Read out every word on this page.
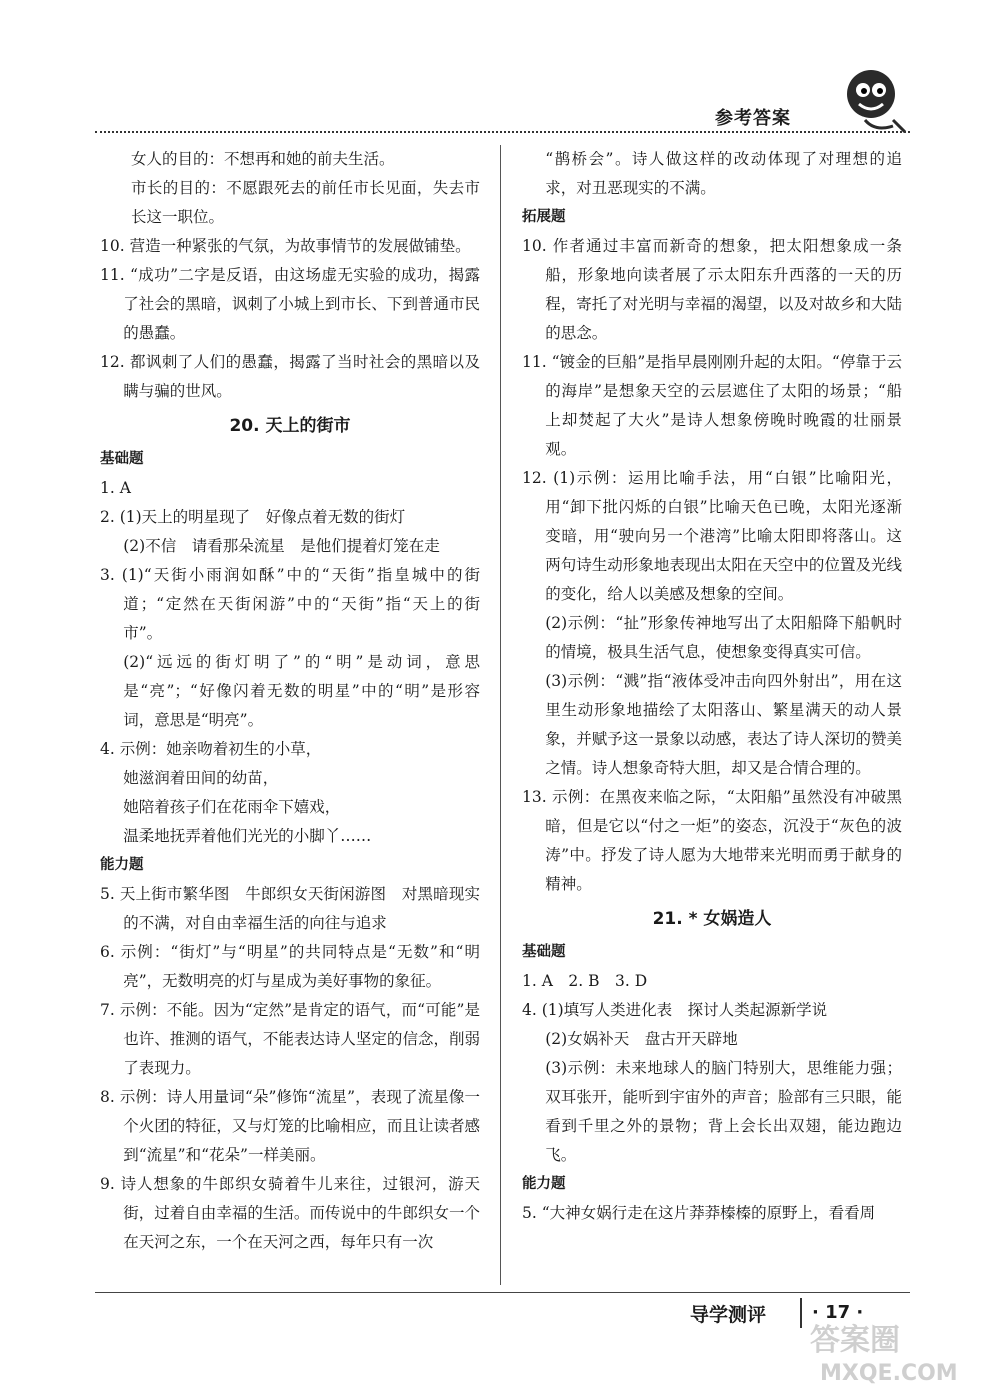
参考答案

女人的目的：不想再和她的前夫生活。

市长的目的：不愿跟死去的前任市长见面，失去市长这一职位。

10. 营造一种紧张的气氛，为故事情节的发展做铺垫。

11. “成功”二字是反语，由这场虚无实验的成功，揭露了社会的黑暗，讽刺了小城上到市长、下到普通市民的愚蠢。

12. 都讽刺了人们的愚蠢，揭露了当时社会的黑暗以及瞒与骗的世风。

20. 天上的街市

基础题

1. A

2. (1)天上的明星现了　好像点着无数的街灯

(2)不信　请看那朵流星　是他们提着灯笼在走

3. (1)“天街小雨润如酥”中的“天街”指皇城中的街道；“定然在天街闲游”中的“天街”指“天上的街市”。

(2)“远远的街灯明了”的“明”是动词，意思是“亮”；“好像闪着无数的明星”中的“明”是形容词，意思是“明亮”。

4. 示例：她亲吻着初生的小草，

她滋润着田间的幼苗，

她陪着孩子们在花雨伞下嬉戏，

温柔地抚弄着他们光光的小脚丫……

能力题

5. 天上街市繁华图　牛郎织女天街闲游图　对黑暗现实的不满，对自由幸福生活的向往与追求

6. 示例：“街灯”与“明星”的共同特点是“无数”和“明亮”，无数明亮的灯与星成为美好事物的象征。

7. 示例：不能。因为“定然”是肯定的语气，而“可能”是也许、推测的语气，不能表达诗人坚定的信念，削弱了表现力。

8. 示例：诗人用量词“朵”修饰“流星”，表现了流星像一个火团的特征，又与灯笼的比喻相应，而且让读者感到“流星”和“花朵”一样美丽。

9. 诗人想象的牛郎织女骑着牛儿来往，过银河，游天街，过着自由幸福的生活。而传说中的牛郎织女一个在天河之东，一个在天河之西，每年只有一次

“鹊桥会”。诗人做这样的改动体现了对理想的追求，对丑恶现实的不满。

拓展题

10. 作者通过丰富而新奇的想象，把太阳想象成一条船，形象地向读者展了示太阳东升西落的一天的历程，寄托了对光明与幸福的渴望，以及对故乡和大陆的思念。

11. “镀金的巨船”是指早晨刚刚升起的太阳。“停靠于云的海岸”是想象天空的云层遮住了太阳的场景；“船上却焚起了大火”是诗人想象傍晚时晚霞的壮丽景观。

12. (1)示例：运用比喻手法，用“白银”比喻阳光，用“卸下批闪烁的白银”比喻天色已晚，太阳光逐渐变暗，用“驶向另一个港湾”比喻太阳即将落山。这两句诗生动形象地表现出太阳在天空中的位置及光线的变化，给人以美感及想象的空间。

(2)示例：“扯”形象传神地写出了太阳船降下船帆时的情境，极具生活气息，使想象变得真实可信。

(3)示例：“溅”指“液体受冲击向四外射出”，用在这里生动形象地描绘了太阳落山、繁星满天的动人景象，并赋予这一景象以动感，表达了诗人深切的赞美之情。诗人想象奇特大胆，却又是合情合理的。

13. 示例：在黑夜来临之际，“太阳船”虽然没有冲破黑暗，但是它以“付之一炬”的姿态，沉没于“灰色的波涛”中。抒发了诗人愿为大地带来光明而勇于献身的精神。

21. * 女娲造人

基础题

1. A　2. B　3. D

4. (1)填写人类进化表　探讨人类起源新学说

(2)女娲补天　盘古开天辟地

(3)示例：未来地球人的脑门特别大，思维能力强；双耳张开，能听到宇宙外的声音；脸部有三只眼，能看到千里之外的景物；背上会长出双翅，能边跑边飞。

能力题

5. “大神女娲行走在这片莽莽榛榛的原野上，看看周

导学测评	· 17 ·
答案圈
MXQE.COM
